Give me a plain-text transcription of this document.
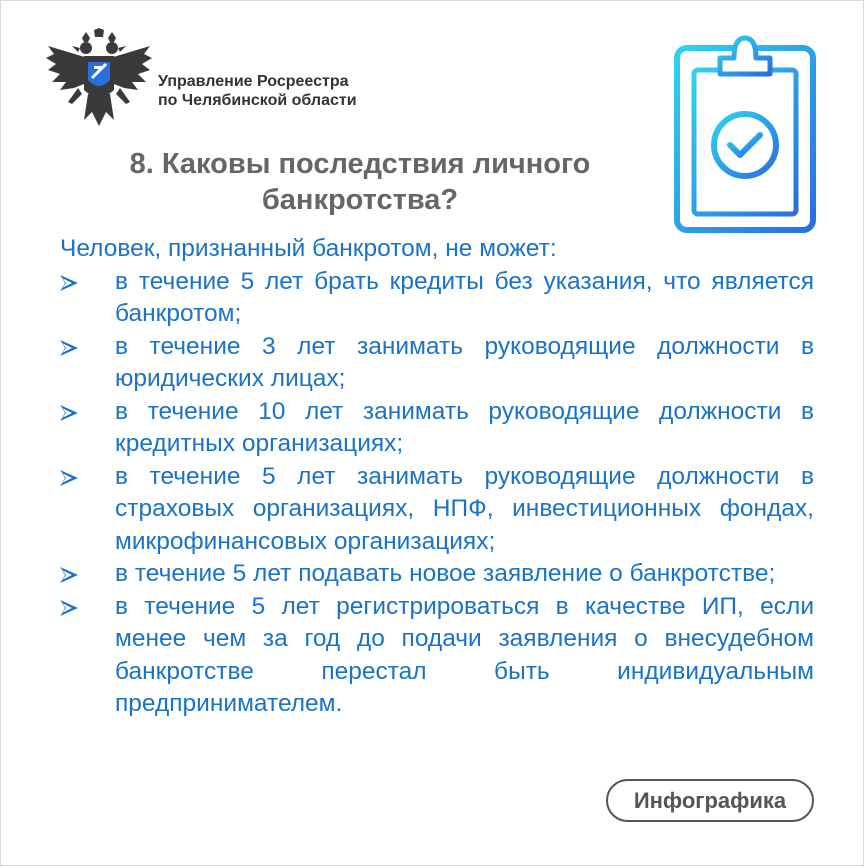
Управление Росреестра
по Челябинской области
8. Каковы последствия личного
банкротства?
Человек, признанный банкротом, не может:
в течение 5 лет брать кредиты без указания, что является банкротом;
в течение 3 лет занимать руководящие должности в юридических лицах;
в течение 10 лет занимать руководящие должности в кредитных организациях;
в течение 5 лет занимать руководящие должности в страховых организациях, НПФ, инвестиционных фондах, микрофинансовых организациях;
в течение 5 лет подавать новое заявление о банкротстве;
в течение 5 лет регистрироваться в качестве ИП, если менее чем за год до подачи заявления о внесудебном банкротстве перестал быть индивидуальным предпринимателем.
Инфографика
